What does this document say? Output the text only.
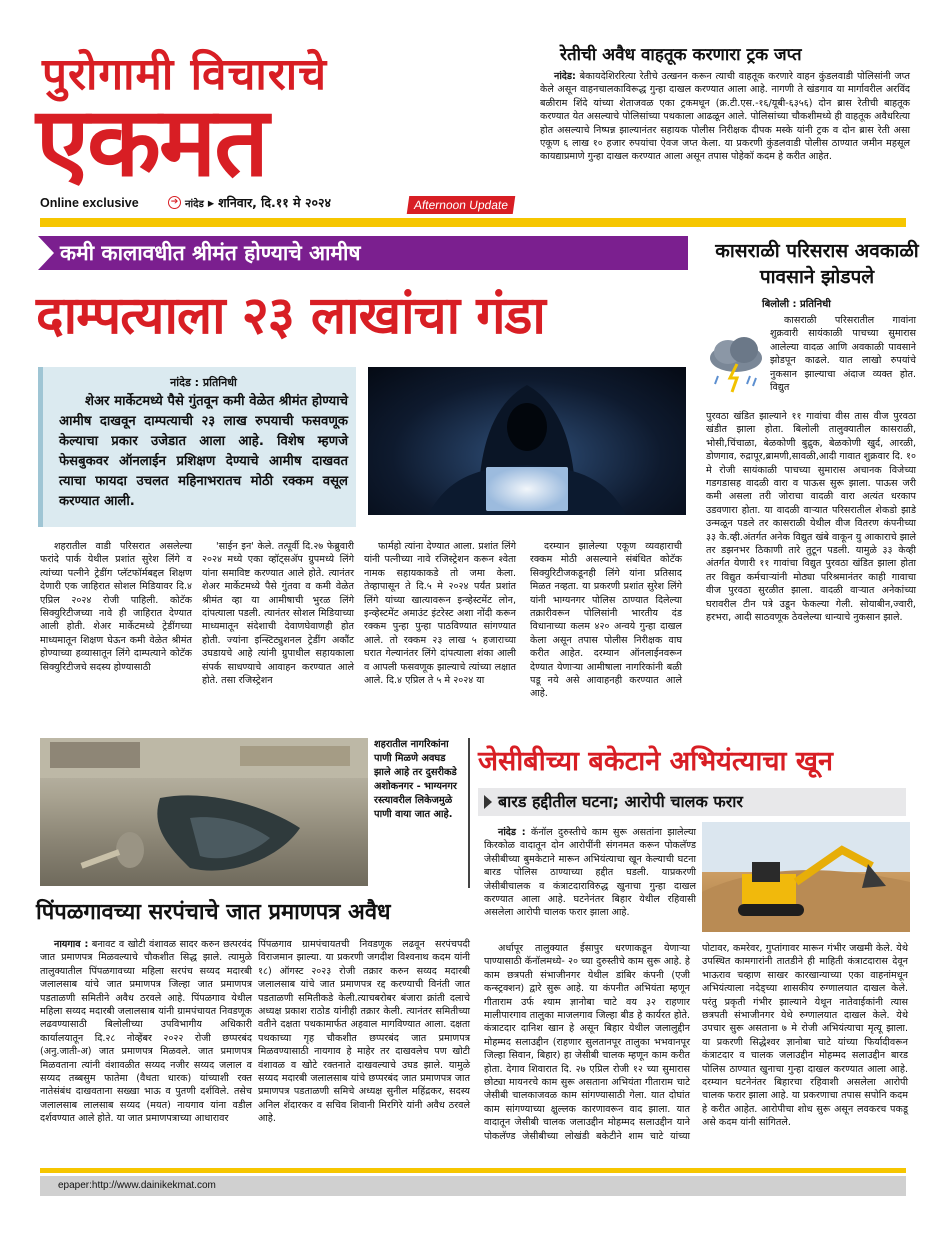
पुरोगामी विचाराचे
एकमत
Online exclusive	➔ नांदेड ▸ शनिवार, दि.११ मे २०२४	Afternoon Update
रेतीची अवैध वाहतूक करणारा ट्रक जप्त

नांदेड: बेकायदेशिररित्या रेतीचे उत्खनन करून त्याची वाहतूक करणारे वाहन कुंडलवाडी पोलिसांनी जप्त केले असून वाहनचालकाविरूद्ध गुन्हा दाखल करण्यात आला आहे. नागणी ते खंडगाव या मार्गावरील अरविंद बळीराम शिंदे यांच्या शेताजवळ एका ट्रकमधून (क्र.टी.एस.-१६/यूबी-६३५६) दोन ब्रास रेतीची बाहतूक करण्यात येत असल्याचे पोलिसांच्या पथकाला आढळून आले. पोलिसांच्या चौकशीमध्ये ही वाहतूक अवैधरित्या होत असल्याचे निष्पन्न झाल्यानंतर सहायक पोलीस निरीक्षक दीपक मस्के यांनी ट्रक व दोन ब्रास रेती असा एकूण ६ लाख १० हजार रुपयांचा ऐवज जप्त केला. या प्रकरणी कुंडलवाडी पोलीस ठाण्यात जमीन महसूल कायद्याप्रमाणे गुन्हा दाखल करण्यात आला असून तपास पोहेकॉ कदम हे करीत आहेत.

कमी कालावधीत श्रीमंत होण्याचे आमीष
दाम्पत्याला २३ लाखांचा गंडा
नांदेड : प्रतिनिधी
शेअर मार्केटमध्ये पैसे गुंतवून कमी वेळेत श्रीमंत होण्याचे आमीष दाखवून दाम्पत्याची २३ लाख रुपयाची फसवणूक केल्याचा प्रकार उजेडात आला आहे. विशेष म्हणजे फेसबुकवर ऑनलाईन प्रशिक्षण देण्याचे आमीष दाखवत त्याचा फायदा उचलत महिनाभरातच मोठी रक्कम वसूल करण्यात आली.

शहरातील वाडी परिसरात असलेल्या फरांदे पार्क येथील प्रशांत सुरेश लिंगे व त्यांच्या पत्नीने ट्रेडींग प्लॅटफॉर्मबद्दल शिक्षण देणारी एक जाहिरात सोशल मिडियावर दि.४ एप्रिल २०२४ रोजी पाहिली. कोटॅक सिक्युरिटीजच्या नावे ही जाहिरात देण्यात आली होती. शेअर मार्केटमध्ये ट्रेडींगच्या माध्यमातून शिक्षण घेऊन कमी वेळेत श्रीमंत होण्याच्या हव्यासातून लिंगे दाम्पत्याने कोटॅक सिक्युरिटीजचे सदस्य होण्यासाठी

'साईन इन' केले. तत्पूर्वी दि.२७ फेब्रुवारी २०२४ मध्ये एका व्हॉट्सॲप ग्रुपमध्ये लिंगे यांना समाविष्ट करण्यात आले होते. त्यानंतर शेअर मार्केटमध्ये पैसे गुंतवा व कमी वेळेत श्रीमंत व्हा या आमीषाची भुरळ लिंगे दांपत्याला पडली. त्यानंतर सोशल मिडियाच्या माध्यमातून संदेशाची देवाणघेवाणही होत होती. ज्यांना इन्स्टिट्युशनल ट्रेडींग अकौंट उघडायचे आहे त्यांनी ग्रुपाधील सहायकाला संपर्क साधण्याचे आवाहन करण्यात आले होते. तसा रजिस्ट्रेशन

फार्महो त्यांना देण्यात आला. प्रशांत लिंगे यांनी पत्नीच्या नावे रजिस्ट्रेशन करून श्वेता नामक सहायकाकडे तो जमा केला. तेव्हापासून ते दि.५ मे २०२४ पर्यंत प्रशांत लिंगे यांच्या खात्यावरून इन्व्हेस्टमेंट लोन, इन्व्हेस्टमेंट अमाउंट इंटरेस्ट अशा नोंदी करून रक्कम पुन्हा पुन्हा पाठविण्यात सांगण्यात आले. तो रक्कम २३ लाख ५ हजाराच्या घरात गेल्यानंतर लिंगे दांपत्याला शंका आली व आपली फसवणूक झाल्याचे त्यांच्या लक्षात आले. दि.४ एप्रिल ते ५ मे २०२४ या

दरम्यान झालेल्या एकूण व्यवहाराची रक्कम मोठी असल्याने संबंधित कोटॅक सिक्युरिटीजकडूनही लिंगे यांना प्रतिसाद मिळत नव्हता. या प्रकरणी प्रशांत सुरेश लिंगे यांनी भाग्यनगर पोलिस ठाण्यात दिलेल्या तक्रारीवरून पोलिसांनी भारतीय दंड विधानाच्या कलम ४२० अन्वये गुन्हा दाखल केला असून तपास पोलीस निरीक्षक वाघ करीत आहेत. दरम्यान ऑनलाईनवरून देण्यात येणाऱ्या आमीषाला नागरिकांनी बळी पडू नये असे आवाहनही करण्यात आले आहे.

कासराळी परिसरास अवकाळी पावसाने झोडपले
बिलोली : प्रतिनिधी

कासराळी परिसरातील गावांना शुक्रवारी सायंकाळी पाचच्या सुमारास आलेल्या वादळ आणि अवकाळी पावसाने झोडपून काढले. यात लाखो रुपयांचे नुकसान झाल्याचा अंदाज व्यक्त होत. विद्युत

पुरवठा खंडित झाल्याने ११ गावांचा वीस तास वीज पुरवठा खंडीत झाला होता. बिलोली तालुक्यातील कासराळी, भोसी,चिंचाळा, बेळकोणी बुद्रुक, बेळकोणी खुर्द, आरळी, डोणगाव, रुद्रापूर,ब्रामणी,सावळी,आदी गावात शुक्रवार दि. १० मे रोजी सायंकाळी पाचच्या सुमारास अचानक विजेच्या गडगडासह वादळी वारा व पाऊस सुरू झाला. पाऊस जरी कमी असला तरी जोराचा वादळी वारा अत्यंत धरकाप उडवणारा होता. या वादळी वाऱ्यात परिसरातील शेकडो झाडे उन्मळून पडले तर कासराळी येथील वीज वितरण कंपनीच्या ३३ के.व्ही.अंतर्गत अनेक विद्युत खंबे वाकून यु आकाराचे झाले तर डझनभर ठिकाणी तारे तुटून पडली. यामुळे ३३ केव्ही अंतर्गत येणारी ११ गावांचा विद्युत पुरवठा खंडित झाला होता तर विद्युत कर्मचाऱ्यांनी मोठ्या परिश्रमानंतर काही गावाचा वीज पुरवठा सुरळीत झाला. वादळी वाऱ्यात अनेकांच्या घरावरील टीन पत्रे उडून फेकल्या गेली. सोयाबीन,ज्वारी, हरभरा, आदी साठवणूक ठेवलेल्या धान्याचे नुकसान झाले.

शहरातील नागरिकांना पाणी मिळणे अवघड झाले आहे तर दुसरीकडे अशोकनगर - भाग्यनगर रस्त्यावरील लिकेजमुळे पाणी वाया जात आहे.
पिंपळगावच्या सरपंचाचे जात प्रमाणपत्र अवैध

नायगाव : बनावट व खोटी वंशावळ सादर करुन छत्परवंद जात प्रमाणपत्र मिळवल्याचे चौकशीत सिद्ध झाले. त्यामुळे तालुक्यातील पिंपळगावच्या महिला सरपंच सय्यद मदारबी जलालसाब यांचे जात प्रमाणपत्र जिल्हा जात प्रमाणपत्र पडताळणी समितीने अवैध ठरवले आहे. पिंपळगाव येथील महिला सय्यद मदारबी जलालसाब यांनी ग्रामपंचायत निवडणूक लढवण्यासाठी बिलोलीच्या उपविभागीय अधिकारी कार्यालयातून दि.२८ नोव्हेंबर २०२२ रोजी छप्परबंद (अनु.जाती-अ) जात प्रमाणपत्र मिळवले. जात प्रमाणपत्र मिळवताना त्यांनी वंशावळीत सय्यद नजीर सय्यद जलाल व सय्यद तब्बसुम फातेमा (वैधता धारक) यांच्याशी रक्त नातेसंबंध दाखवताना सख्खा भाऊ व पुतणी दर्शविले. तसेच जलालसाब लालसाब सय्यद (मयत) नायगाव यांना वडील दर्शवण्यात आले होते. या जात प्रमाणपत्राच्या आधारावर

पिंपळगाव ग्रामपंचायतची निवडणूक लढवून सरपंचपदी विराजमान झाल्या. या प्रकरणी जगदीश विश्वनाथ कदम यांनी १८) ऑगस्ट २०२३ रोजी तक्रार करुन सय्यद मदारबी जलालसाब यांचे जात प्रमाणपत्र रद्द करण्याची विनंती जात पडताळणी समितीकडे केली.त्याचबरोबर बंजारा क्रांती दलाचे अध्यक्ष प्रकाश राठोड यांनीही तक्रार केली. त्यानंतर समितीच्या वतीने दक्षता पथकामार्फत अहवाल मागविण्यात आला. दक्षता पथकाच्या गृह चौकशीत छप्परबंद जात प्रमाणपत्र मिळवण्यासाठी नायगाव हे माहेर तर दाखवलेच पण खोटी वंशावळ व खोटे रक्तनाते दाखवल्याचे उघड झाले. यामुळे सय्यद मदारबी जलालसाब यांचे छप्परबंद जात प्रमाणपत्र जात प्रमाणपत्र पडताळणी समिचे अध्यक्ष सुनील महिंद्रकर, सदस्य अनिल शेंदारकर व सचिव शिवानी मिरगिरे यांनी अवैध ठरवले आहे.

जेसीबीच्या बकेटाने अभियंत्याचा खून
बारड हद्दीतील घटना; आरोपी चालक फरार

नांदेड : कॅनॉल दुरुस्तीचे काम सुरू असतांना झालेल्या किरकोळ वादातून दोन आरोपींनी संगनमत करून पोकलॅण्ड जेसीबीच्या बुमकेटाने मारून अभियंत्याचा खून केल्याची घटना बारड पोलिस ठाण्याच्या हद्दीत घडली. याप्रकरणी जेसीबीचालक व कंत्राटदाराविरुद्ध खुनाचा गुन्हा दाखल करण्यात आला आहे. घटनेनंतर बिहार येथील रहिवासी असलेला आरोपी चालक फरार झाला आहे.

अर्धापूर तालुक्यात ईसापुर धरणाकडून येणाऱ्या पाण्यासाठी कॅनॉलमध्ये- २० च्या दुरुस्तीचे काम सुरू आहे. हे काम छत्रपती संभाजीनगर येथील डांबिर कंपनी (एजी कन्स्ट्रक्शन) द्वारे सुरू आहे. या कंपनीत अभियंता म्हणून गीताराम उर्फ श्याम ज्ञानोबा चाटे वय ३२ राहणार मालीपारगाव तालुका माजलगाव जिल्हा बीड हे कार्यरत होते. कंत्राटदार दानिश खान हे असून बिहार येथील जलालुद्दीन मोहम्मद सलाउद्दीन (राहणार सुलतानपूर तालुका भभवानपूर जिल्हा सिवान, बिहार) हा जेसीबी चालक म्हणून काम करीत होता. देगाव शिवारात दि. २७ एप्रिल रोजी १२ च्या सुमारास छोट्या मायनरचे काम सुरू असताना अभियंता गीताराम चाटे जेसीबी चालकाजवळ काम सांगण्यासाठी गेला. यात दोघांत काम सांगण्याच्या क्षुल्लक कारणावरून वाद झाला. यात वादातून जेसीबी चालक जलाउद्दीन मोहम्मद सलाउद्दीन याने पोकलॅण्ड जेसीबीच्या लोखंडी बकेटीने शाम चाटे यांच्या पोटावर, कमरेवर, गुप्तांगावर मारून गंभीर जखमी केले. येथे उपस्थित कामगारांनी तातडीने ही माहिती कंत्राटदारास देवून भाऊराव चव्हाण साखर कारखान्याच्या एका वाहनांमधून अभियंत्याला नदेड्च्या शासकीय रुग्णालयात दाखल केले. परंतु प्रकृती गंभीर झाल्याने येथून नातेवाईकांनी त्यास छत्रपती संभाजीनगर येथे रुग्णालयात दाखल केले. येथे उपचार सुरू असताना ७ मे रोजी अभियंत्याचा मृत्यू झाला. या प्रकरणी सिद्धेश्वर ज्ञानोबा चाटे यांच्या फिर्यादीवरून कंत्राटदार व चालक जलाउद्दीन मोहम्मद सलाउद्दीन बारड पोलिस ठाण्यात खुनाचा गुन्हा दाखल करण्यात आला आहे. दरम्यान घटनेनंतर बिहारचा रहिवाशी असलेला आरोपी चालक फरार झाला आहे. या प्रकरणाचा तपास सपोनि कदम हे करीत आहेत. आरोपीचा शोध सुरू असून लवकरच पकडू असे कदम यांनी सांगितले.

epaper:http://www.dainikekmat.com
